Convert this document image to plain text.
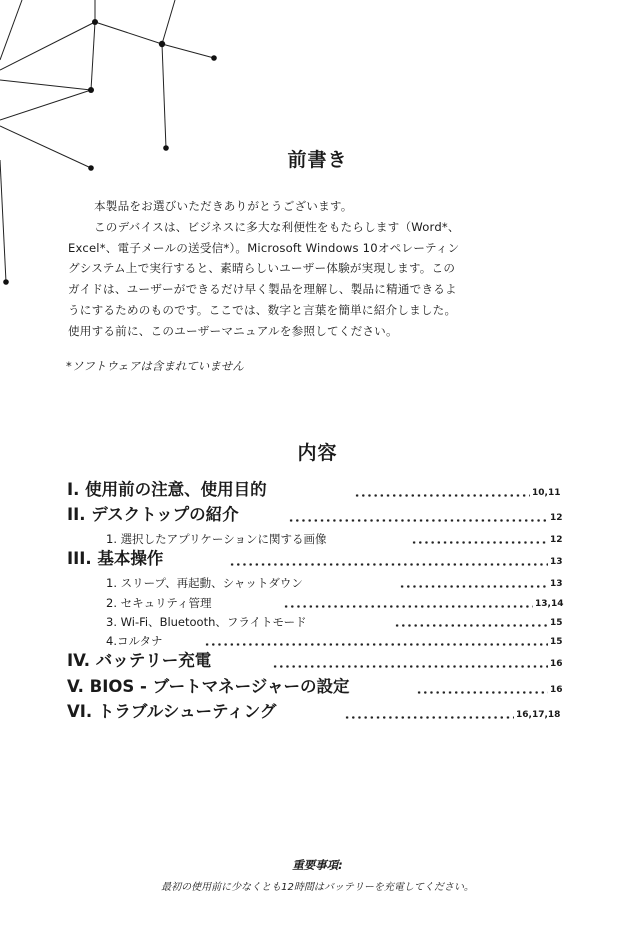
前書き
本製品をお選びいただきありがとうございます。
このデバイスは、ビジネスに多大な利便性をもたらします（Word*、
Excel*、電子メールの送受信*）。Microsoft Windows 10オペレーティン
グシステム上で実行すると、素晴らしいユーザー体験が実現します。この
ガイドは、ユーザーができるだけ早く製品を理解し、製品に精通できるよ
うにするためのものです。ここでは、数字と言葉を簡単に紹介しました。
使用する前に、このユーザーマニュアルを参照してください。
*ソフトウェアは含まれていません
内容
I. 使用前の注意、使用目的	10,11
II. デスクトップの紹介	12
1. 選択したアプリケーションに関する画像	12
III. 基本操作	13
1. スリープ、再起動、シャットダウン	13
2. セキュリティ管理	13,14
3. Wi-Fi、Bluetooth、フライトモード	15
4.コルタナ	15
IV. バッテリー充電	16
V. BIOS - ブートマネージャーの設定	16
VI. トラブルシューティング	16,17,18
重要事項:
最初の使用前に少なくとも12時間はバッテリーを充電してください。
